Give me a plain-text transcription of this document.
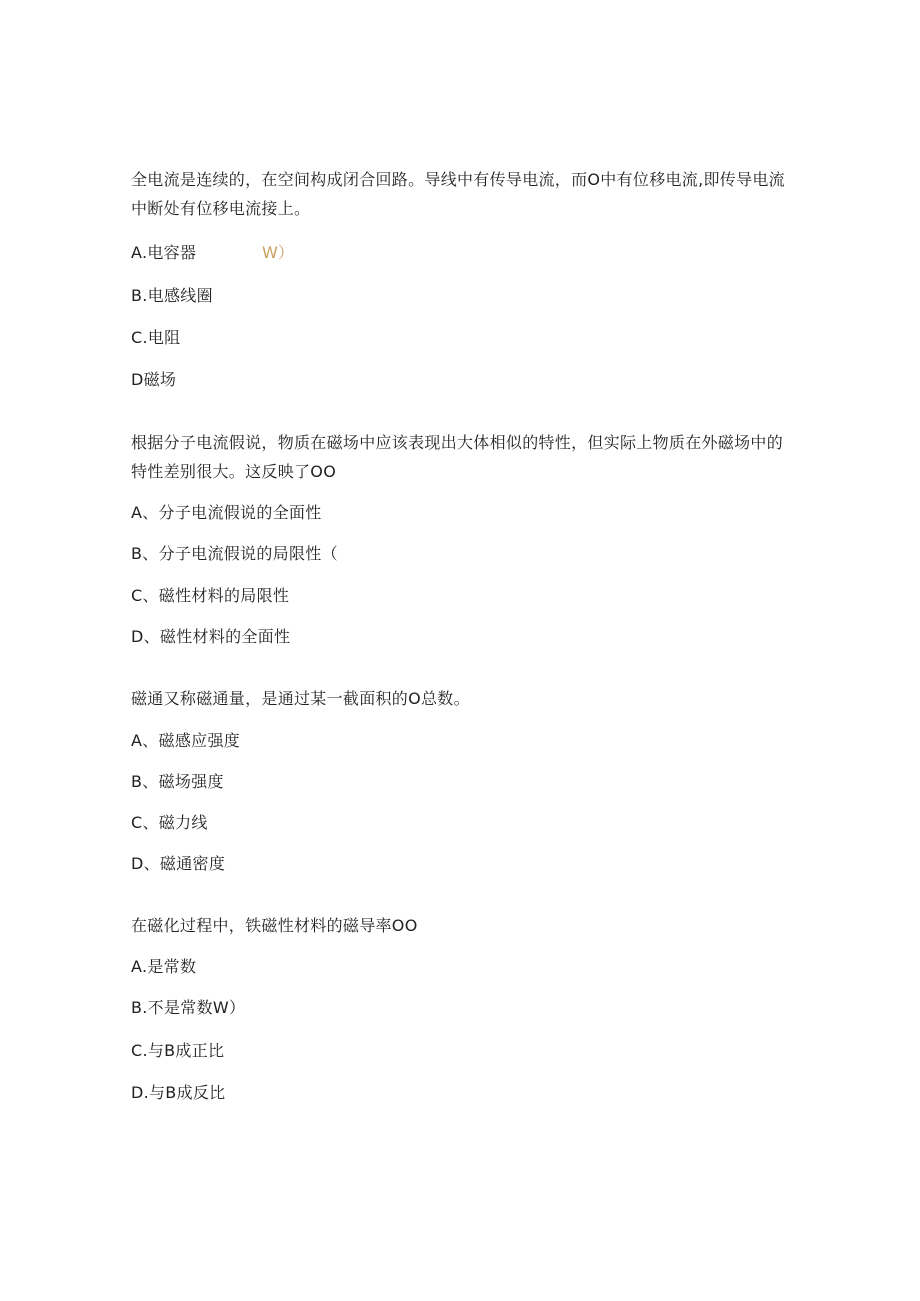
全电流是连续的，在空间构成闭合回路。导线中有传导电流，而O中有位移电流,即传导电流中断处有位移电流接上。

A.电容器	W）
B.电感线圈
C.电阻
D磁场

根据分子电流假说，物质在磁场中应该表现出大体相似的特性，但实际上物质在外磁场中的特性差别很大。这反映了OO

A、分子电流假说的全面性
B、分子电流假说的局限性（
C、磁性材料的局限性
D、磁性材料的全面性

磁通又称磁通量，是通过某一截面积的O总数。

A、磁感应强度
B、磁场强度
C、磁力线
D、磁通密度

在磁化过程中，铁磁性材料的磁导率OO

A.是常数
B.不是常数W）
C.与B成正比
D.与B成反比
